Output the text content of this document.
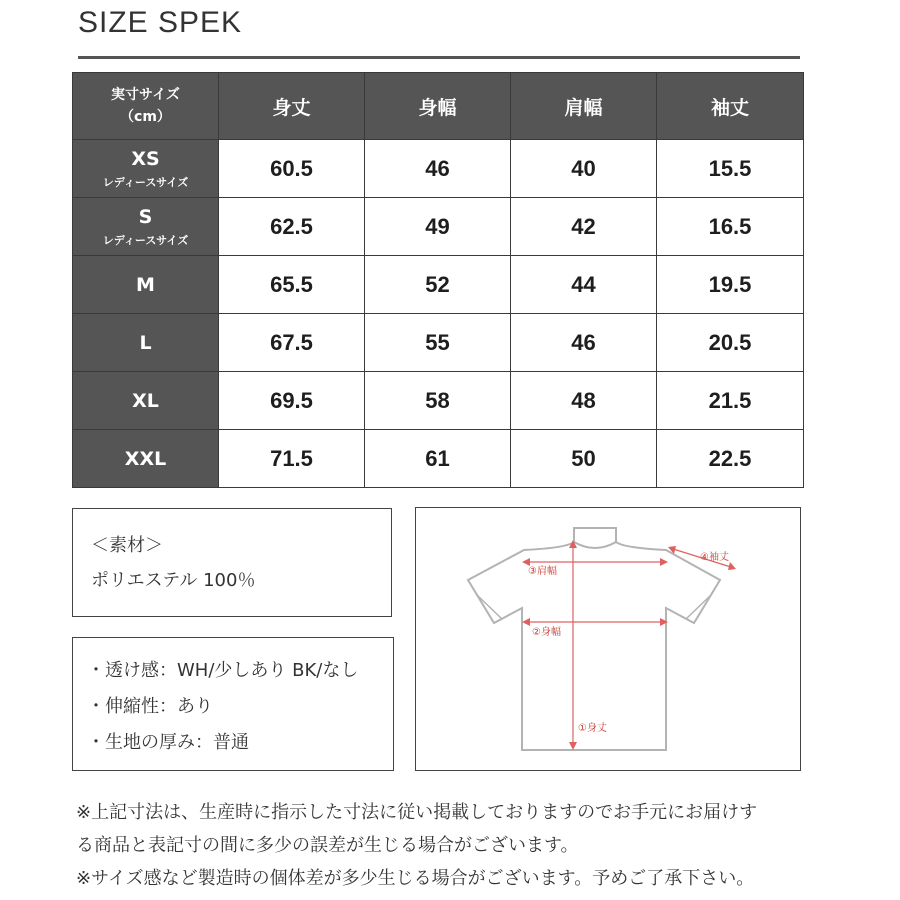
SIZE SPEK
実寸サイズ
（cm）	身丈	身幅	肩幅	袖丈
XS
レディースサイズ	60.5	46	40	15.5
S
レディースサイズ	62.5	49	42	16.5
M	65.5	52	44	19.5
L	67.5	55	46	20.5
XL	69.5	58	48	21.5
XXL	71.5	61	50	22.5
＜素材＞
ポリエステル 100％
・透け感：WH/少しあり BK/なし
・伸縮性：あり
・生地の厚み：普通
①身丈
②身幅
③肩幅
④袖丈

※上記寸法は、生産時に指示した寸法に従い掲載しておりますのでお手元にお届けす

る商品と表記寸の間に多少の誤差が生じる場合がございます。

※サイズ感など製造時の個体差が多少生じる場合がございます。予めご了承下さい。
